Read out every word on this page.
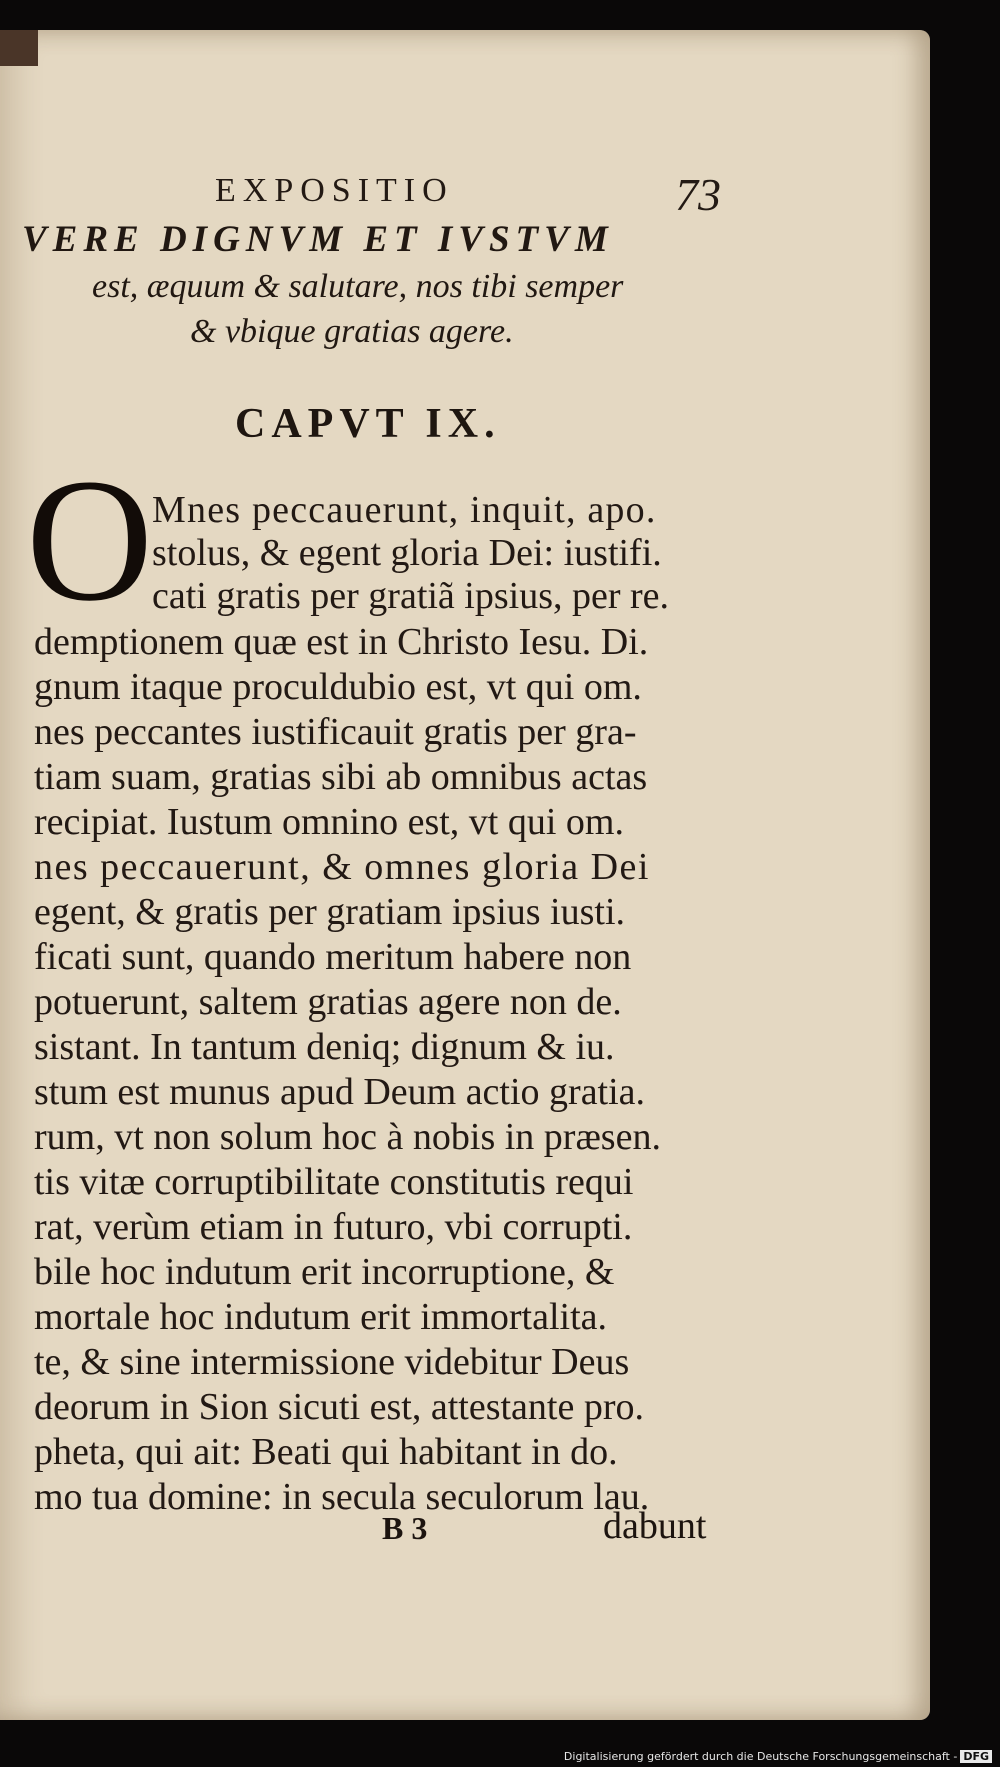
EXPOSITIO	73
VERE DIGNVM ET IVSTVM
est, æquum & salutare, nos tibi semper
& vbique gratias agere.
CAPVT IX.
O
Mnes peccauerunt, inquit, apo.
stolus, & egent gloria Dei: iustifi.
cati gratis per gratiã ipsius, per re.
demptionem quæ est in Christo Iesu. Di.
gnum itaque proculdubio est, vt qui om.
nes peccantes iustificauit gratis per gra-
tiam suam, gratias sibi ab omnibus actas
recipiat. Iustum omnino est, vt qui om.
nes peccauerunt, & omnes gloria Dei
egent, & gratis per gratiam ipsius iusti.
ficati sunt, quando meritum habere non
potuerunt, saltem gratias agere non de.
sistant. In tantum deniq; dignum & iu.
stum est munus apud Deum actio gratia.
rum, vt non solum hoc à nobis in præsen.
tis vitæ corruptibilitate constitutis requi
rat, verùm etiam in futuro, vbi corrupti.
bile hoc indutum erit incorruptione, &
mortale hoc indutum erit immortalita.
te, & sine intermissione videbitur Deus
deorum in Sion sicuti est, attestante pro.
pheta, qui ait: Beati qui habitant in do.
mo tua domine: in secula seculorum lau.
B 3	dabunt
Digitalisierung gefördert durch die Deutsche Forschungsgemeinschaft - DFG
